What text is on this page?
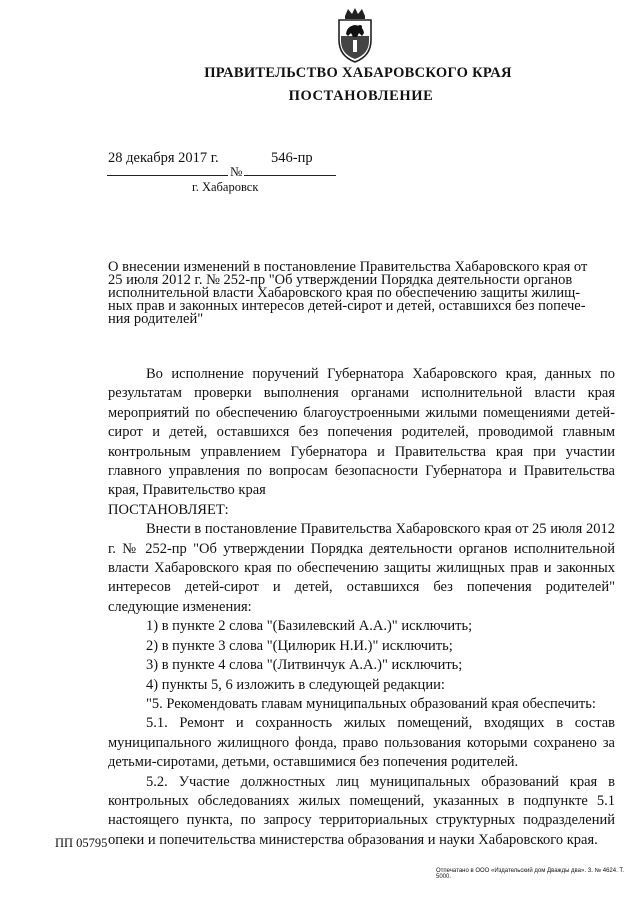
ПРАВИТЕЛЬСТВО ХАБАРОВСКОГО КРАЯ
ПОСТАНОВЛЕНИЕ
28 декабря 2017 г.	546-пр
№
г. Хабаровск
О внесении изменений в постановление Правительства Хабаровского края от
25 июля 2012 г. № 252-пр "Об утверждении Порядка деятельности органов
исполнительной власти Хабаровского края по обеспечению защиты жилищ-
ных прав и законных интересов детей-сирот и детей, оставшихся без попече-
ния родителей"

Во исполнение поручений Губернатора Хабаровского края, данных по результатам проверки выполнения органами исполнительной власти края мероприятий по обеспечению благоустроенными жилыми помещениями детей-сирот и детей, оставшихся без попечения родителей, проводимой главным контрольным управлением Губернатора и Правительства края при участии главного управления по вопросам безопасности Губернатора и Правительства края, Правительство края

ПОСТАНОВЛЯЕТ:

Внести в постановление Правительства Хабаровского края от 25 июля 2012 г. № 252-пр "Об утверждении Порядка деятельности органов исполнительной власти Хабаровского края по обеспечению защиты жилищных прав и законных интересов детей-сирот и детей, оставшихся без попечения родителей" следующие изменения:

1) в пункте 2 слова "(Базилевский А.А.)" исключить;

2) в пункте 3 слова "(Цилюрик Н.И.)" исключить;

3) в пункте 4 слова "(Литвинчук А.А.)" исключить;

4) пункты 5, 6 изложить в следующей редакции:

"5. Рекомендовать главам муниципальных образований края обеспечить:

5.1. Ремонт и сохранность жилых помещений, входящих в состав муниципального жилищного фонда, право пользования которыми сохранено за детьми-сиротами, детьми, оставшимися без попечения родителей.

5.2. Участие должностных лиц муниципальных образований края в контрольных обследованиях жилых помещений, указанных в подпункте 5.1 настоящего пункта, по запросу территориальных структурных подразделений опеки и попечительства министерства образования и науки Хабаровского края.

ПП 05795
Отпечатано в ООО «Издательский дом Дважды два». З. № 4624. Т. 5000.
